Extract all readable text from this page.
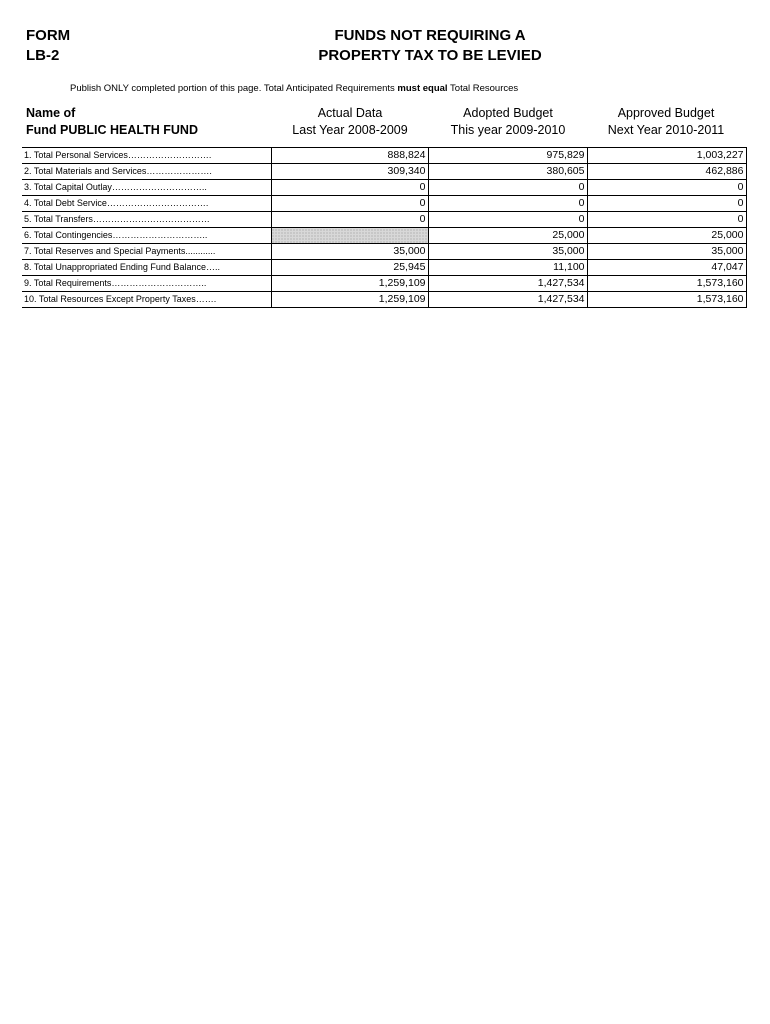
FORM
LB-2
FUNDS NOT REQUIRING A
PROPERTY TAX TO BE LEVIED
Publish ONLY completed portion of this page. Total Anticipated Requirements must equal Total Resources
Name of
Fund PUBLIC HEALTH FUND
Actual Data
Last Year 2008-2009
Adopted Budget
This year 2009-2010
Approved Budget
Next Year 2010-2011
1. Total Personal Services……………………….	888,824	975,829	1,003,227
2. Total Materials and Services………………….	309,340	380,605	462,886
3. Total Capital Outlay…………………………..	0	0	0
4. Total Debt Service…………………………….	0	0	0
5. Total Transfers…………………………………	0	0	0
6. Total Contingencies…………………………..		25,000	25,000
7. Total Reserves and Special Payments............	35,000	35,000	35,000
8. Total Unappropriated Ending Fund Balance…..	25,945	11,100	47,047
9. Total Requirements…………………………..	1,259,109	1,427,534	1,573,160
10. Total Resources Except Property Taxes…….	1,259,109	1,427,534	1,573,160
